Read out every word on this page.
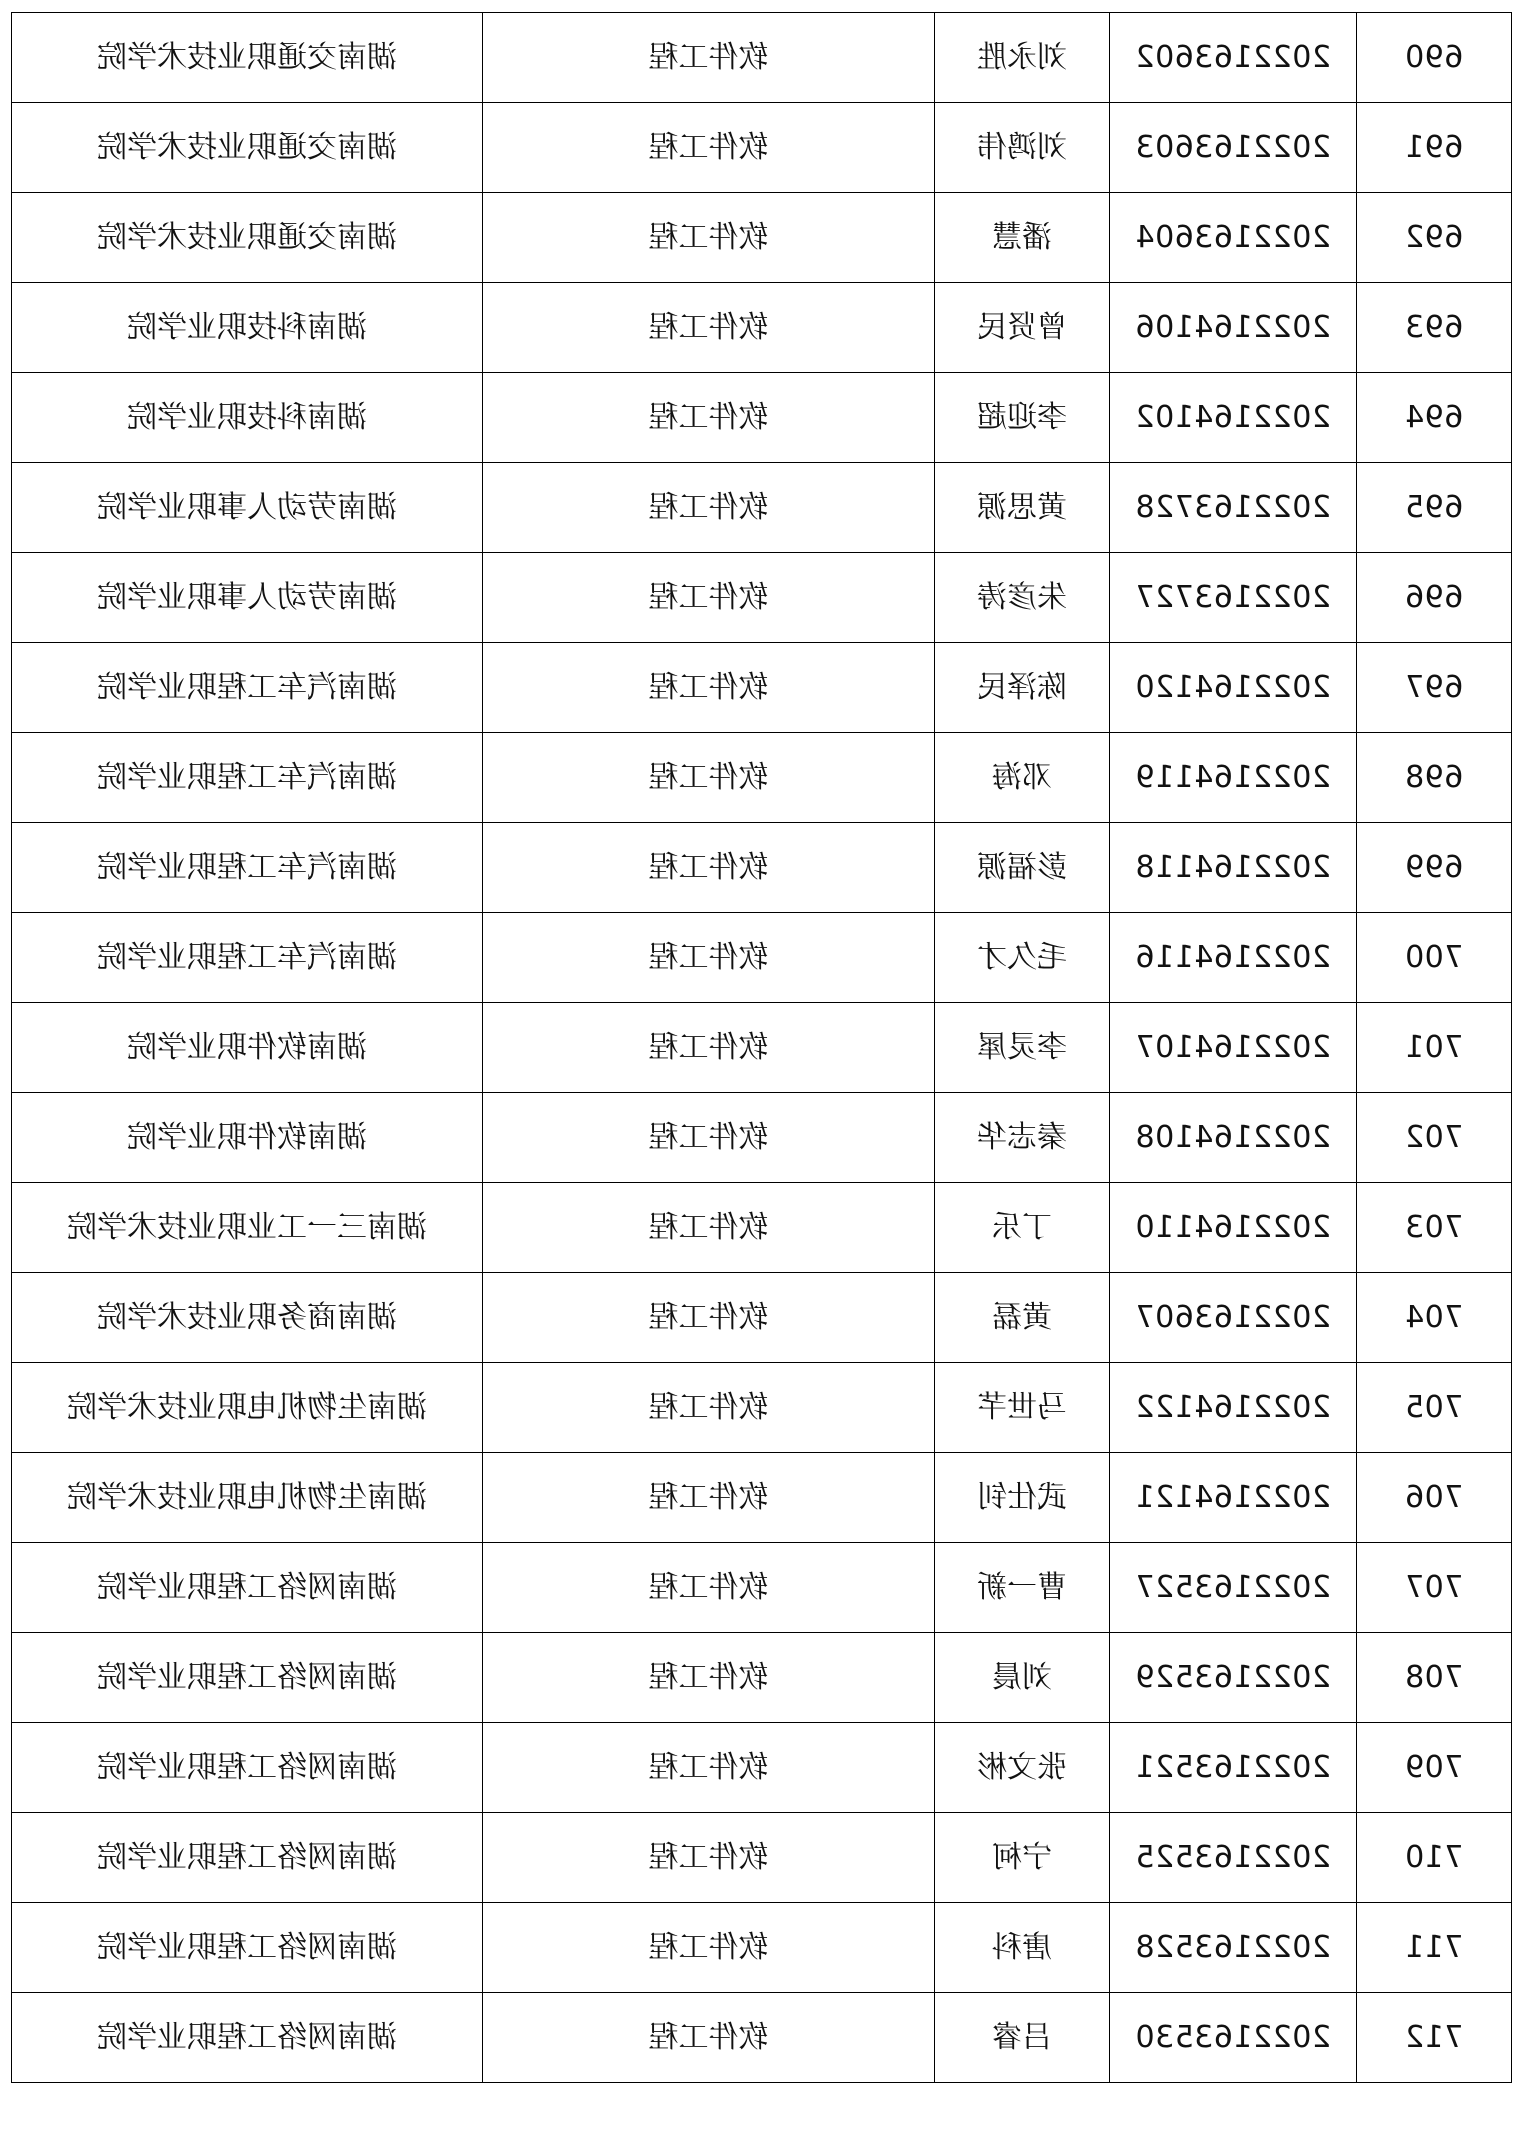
690	2022163602	刘永胜	软件工程	湖南交通职业技术学院
691	2022163603	刘鸿伟	软件工程	湖南交通职业技术学院
692	2022163604	潘慧	软件工程	湖南交通职业技术学院
693	2022164106	曾贤民	软件工程	湖南科技职业学院
694	2022164102	李迎超	软件工程	湖南科技职业学院
695	2022163728	黄思源	软件工程	湖南劳动人事职业学院
696	2022163727	朱彦涛	软件工程	湖南劳动人事职业学院
697	2022164120	陈泽民	软件工程	湖南汽车工程职业学院
698	2022164119	邓海	软件工程	湖南汽车工程职业学院
699	2022164118	彭福源	软件工程	湖南汽车工程职业学院
700	2022164116	毛久才	软件工程	湖南汽车工程职业学院
701	2022164107	李灵犀	软件工程	湖南软件职业学院
702	2022164108	秦志华	软件工程	湖南软件职业学院
703	2022164110	丁乐	软件工程	湖南三一工业职业技术学院
704	2022163607	黄磊	软件工程	湖南商务职业技术学院
705	2022164122	马世芊	软件工程	湖南生物机电职业技术学院
706	2022164121	武仕钊	软件工程	湖南生物机电职业技术学院
707	2022163527	曹一新	软件工程	湖南网络工程职业学院
708	2022163529	刘晨	软件工程	湖南网络工程职业学院
709	2022163521	张文彬	软件工程	湖南网络工程职业学院
710	2022163525	宁柯	软件工程	湖南网络工程职业学院
711	2022163528	唐科	软件工程	湖南网络工程职业学院
712	2022163530	吕睿	软件工程	湖南网络工程职业学院
